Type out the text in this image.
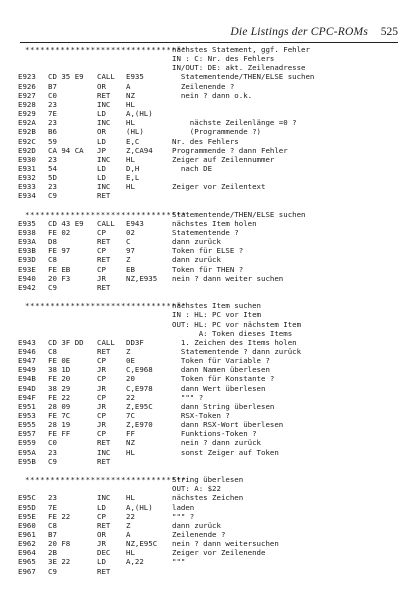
Die Listings der CPC-ROMs 525
********************************
nächstes Statement, ggf. Fehler
IN : C: Nr. des Fehlers
IN/OUT: DE: akt. Zeilenadresse
E923 CD 35 E9 CALL E935	Statementende/THEN/ELSE suchen
E926 B7	OR	A	Zeilenende ?
E927 C0	RET NZ	nein ? dann o.k.
E928 23	INC HL
E929 7E	LD	A,(HL)
E92A 23	INC HL	nächste Zeilenlänge =0 ?
E92B B6	OR	(HL)	(Programmende ?)
E92C 59	LD	E,C	Nr. des Fehlers
E92D CA 94 CA JP	Z,CA94	Programmende ? dann Fehler
E930 23	INC HL	Zeiger auf Zeilennummer
E931 54	LD	D,H	nach DE
E932 5D	LD	E,L
E933 23	INC HL	Zeiger vor Zeilentext
E934 C9	RET
********************************
Statementende/THEN/ELSE suchen
E935 CD 43 E9 CALL E943	nächstes Item holen
E938 FE 02	CP	02	Statementende ?
E93A D8	RET C	dann zurück
E93B FE 97	CP	97	Token für ELSE ?
E93D C8	RET Z	dann zurück
E93E FE EB	CP	EB	Token für THEN ?
E940 20 F3	JR	NZ,E935 nein ? dann weiter suchen
E942 C9	RET
********************************
nächstes Item suchen
IN : HL: PC vor Item
OUT: HL: PC vor nächstem Item
A: Token dieses Items
E943 CD 3F DD CALL DD3F	1. Zeichen des Items holen
E946 C8	RET Z	Statementende ? dann zurück
E947 FE 0E	CP	0E	Token für Variable ?
E949 38 1D	JR	C,E968	dann Namen überlesen
E94B FE 20	CP	20	Token für Konstante ?
E94D 38 29	JR	C,E978	dann Wert überlesen
E94F FE 22	CP	22	""" ?
E951 28 09	JR	Z,E95C	dann String überlesen
E953 FE 7C	CP	7C	RSX-Token ?
E955 28 19	JR	Z,E970	dann RSX-Wort überlesen
E957 FE FF	CP	FF	Funktions-Token ?
E959 C0	RET NZ	nein ? dann zurück
E95A 23	INC HL	sonst Zeiger auf Token
E95B C9	RET
********************************
String überlesen
OUT: A: $22
E95C 23	INC HL	nächstes Zeichen
E95D 7E	LD	A,(HL)	laden
E95E FE 22	CP	22	""" ?
E960 C8	RET Z	dann zurück
E961 B7	OR	A	Zeilenende ?
E962 20 F8	JR	NZ,E95C nein ? dann weitersuchen
E964 2B	DEC HL	Zeiger vor Zeilenende
E965 3E 22	LD	A,22	"""
E967 C9	RET
